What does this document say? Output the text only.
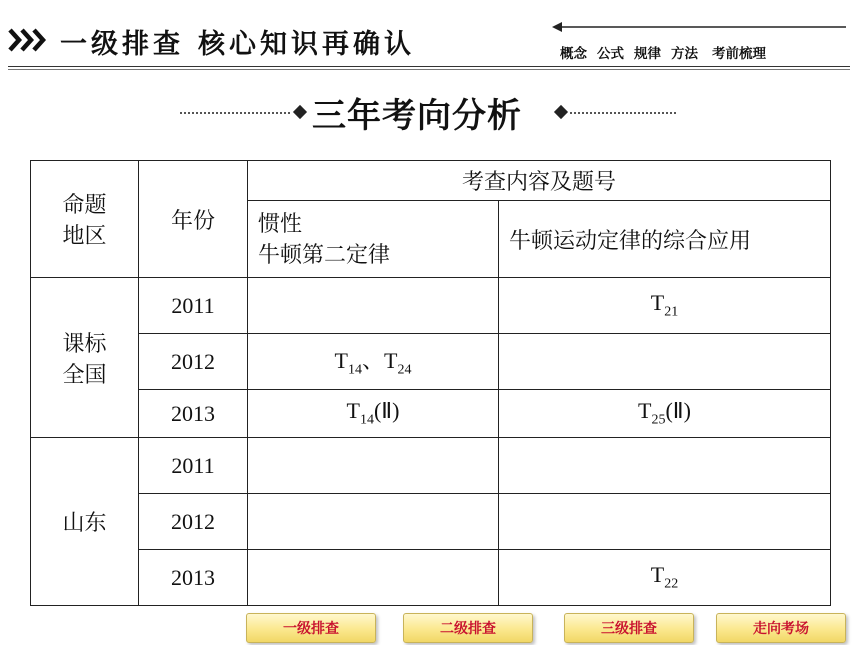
一级排查 核心知识再确认	概念 公式 规律 方法 考前梳理
三年考向分析
命题
地区	年份	考查内容及题号	

		惯性
牛顿第二定律	牛顿运动定律的综合应用

课标
全国	2011		$T_{21}$
	2012	$T_{14}$、$T_{24}$	
	2013	$T_{14}(Ⅱ)$	$T_{25}(Ⅱ)$
山东	2011		
	2012		
	2013		$T_{22}$
一级排查	二级排查	三级排查	走向考场
